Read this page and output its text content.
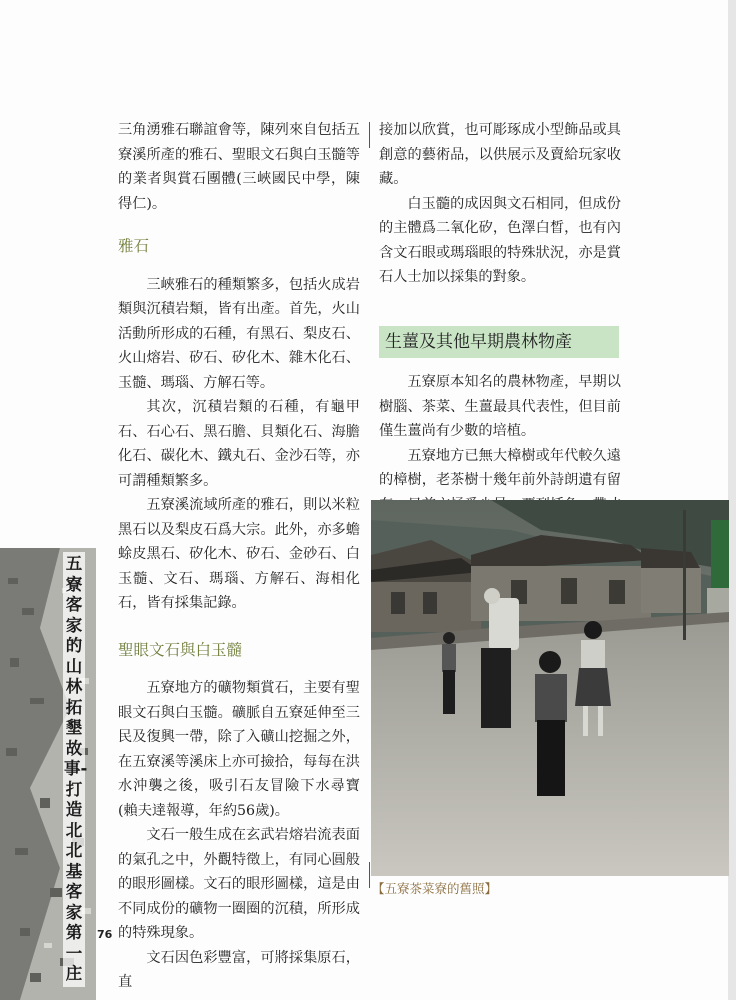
三角湧雅石聯誼會等，陳列來自包括五寮溪所產的雅石、聖眼文石與白玉髓等的業者與賞石團體(三峽國民中學，陳得仁)。

雅石

三峽雅石的種類繁多，包括火成岩類與沉積岩類，皆有出產。首先，火山活動所形成的石種，有黑石、梨皮石、火山熔岩、矽石、矽化木、雜木化石、玉髓、瑪瑙、方解石等。

其次，沉積岩類的石種，有龜甲石、石心石、黑石膽、貝類化石、海膽化石、碳化木、鐵丸石、金沙石等，亦可謂種類繁多。

五寮溪流域所產的雅石，則以米粒黑石以及梨皮石爲大宗。此外，亦多蟾蜍皮黑石、矽化木、矽石、金砂石、白玉髓、文石、瑪瑙、方解石、海相化石，皆有採集記錄。

聖眼文石與白玉髓

五寮地方的礦物類賞石，主要有聖眼文石與白玉髓。礦脈自五寮延伸至三民及復興一帶，除了入礦山挖掘之外，在五寮溪等溪床上亦可撿拾，每每在洪水沖襲之後，吸引石友冒險下水尋寶(賴夫達報導，年約56歲)。

文石一般生成在玄武岩熔岩流表面的氣孔之中，外觀特徵上，有同心圓般的眼形圖樣。文石的眼形圖樣，這是由不同成份的礦物一圈圈的沉積，所形成的特殊現象。

文石因色彩豐富，可將採集原石，直

接加以欣賞，也可彫琢成小型飾品或具創意的藝術品，以供展示及賣給玩家收藏。

白玉髓的成因與文石相同，但成份的主體爲二氧化矽，色澤白晳，也有內含文石眼或瑪瑙眼的特殊狀況，亦是賞石人士加以採集的對象。

生薑及其他早期農林物產

五寮原本知名的農林物產，早期以樹腦、茶菜、生薑最具代表性，但目前僅生薑尚有少數的培植。

五寮地方已無大樟樹或年代較久遠的樟樹，老茶樹十幾年前外詩朗遺有留

【五寮茶菜寮的舊照】
五寮客家的山林拓墾故事-打造北北基客家第一庄
76
